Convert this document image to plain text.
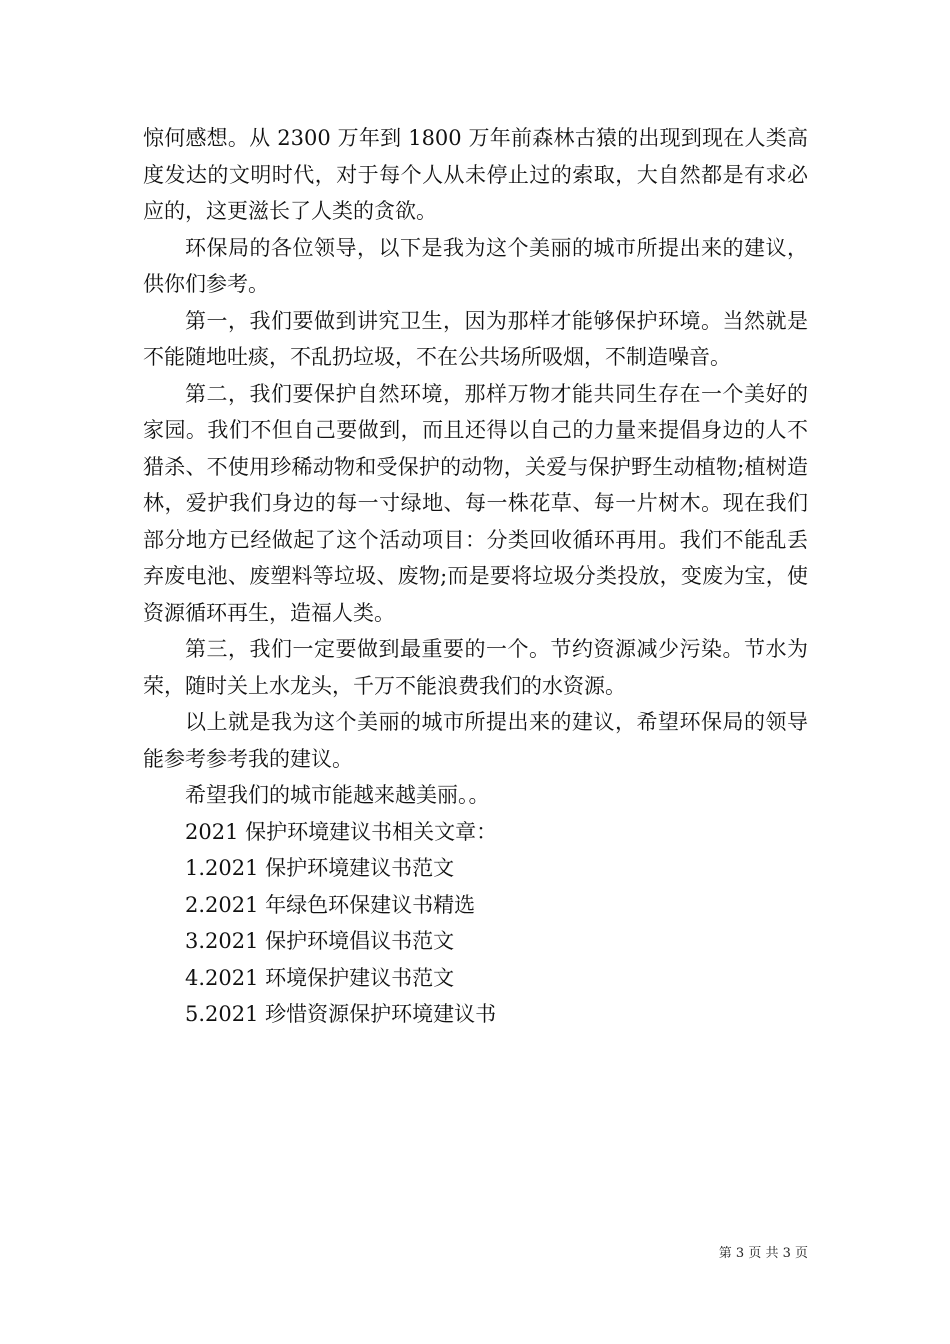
惊何感想。从 2300 万年到 1800 万年前森林古猿的出现到现在人类高度发达的文明时代，对于每个人从未停止过的索取，大自然都是有求必应的，这更滋长了人类的贪欲。

环保局的各位领导，以下是我为这个美丽的城市所提出来的建议，供你们参考。

第一，我们要做到讲究卫生，因为那样才能够保护环境。当然就是不能随地吐痰，不乱扔垃圾，不在公共场所吸烟，不制造噪音。

第二，我们要保护自然环境，那样万物才能共同生存在一个美好的家园。我们不但自己要做到，而且还得以自己的力量来提倡身边的人不猎杀、不使用珍稀动物和受保护的动物，关爱与保护野生动植物;植树造林，爱护我们身边的每一寸绿地、每一株花草、每一片树木。现在我们部分地方已经做起了这个活动项目：分类回收循环再用。我们不能乱丢弃废电池、废塑料等垃圾、废物;而是要将垃圾分类投放，变废为宝，使资源循环再生，造福人类。

第三，我们一定要做到最重要的一个。节约资源减少污染。节水为荣，随时关上水龙头，千万不能浪费我们的水资源。

以上就是我为这个美丽的城市所提出来的建议，希望环保局的领导能参考参考我的建议。

希望我们的城市能越来越美丽。。

2021 保护环境建议书相关文章：

1.2021 保护环境建议书范文
2.2021 年绿色环保建议书精选
3.2021 保护环境倡议书范文
4.2021 环境保护建议书范文
5.2021 珍惜资源保护环境建议书
第 3 页 共 3 页
